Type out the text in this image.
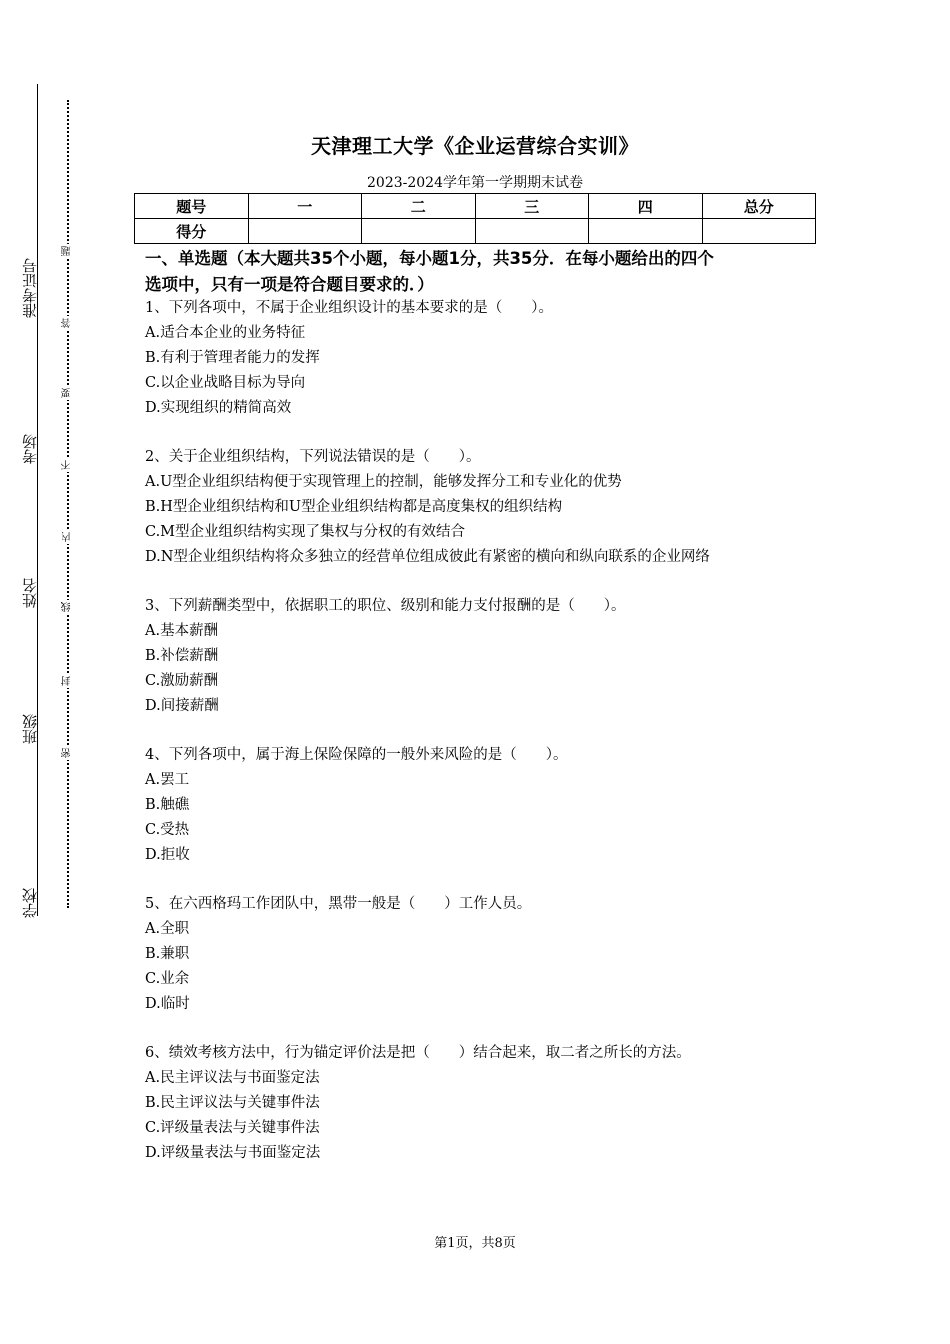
学校
班级
姓名
考场
准考证号
密
封
线
内
不
要
答
题
天津理工大学《企业运营综合实训》
2023-2024学年第一学期期末试卷
题号	一	二	三	四	总分
得分					
一、单选题（本大题共35个小题，每小题1分，共35分．在每小题给出的四个
选项中，只有一项是符合题目要求的．）
1、下列各项中，不属于企业组织设计的基本要求的是（　　）。
A.适合本企业的业务特征
B.有利于管理者能力的发挥
C.以企业战略目标为导向
D.实现组织的精简高效
2、关于企业组织结构，下列说法错误的是（　　）。
A.U型企业组织结构便于实现管理上的控制，能够发挥分工和专业化的优势
B.H型企业组织结构和U型企业组织结构都是高度集权的组织结构
C.M型企业组织结构实现了集权与分权的有效结合
D.N型企业组织结构将众多独立的经营单位组成彼此有紧密的横向和纵向联系的企业网络
3、下列薪酬类型中，依据职工的职位、级别和能力支付报酬的是（　　）。
A.基本薪酬
B.补偿薪酬
C.激励薪酬
D.间接薪酬
4、下列各项中，属于海上保险保障的一般外来风险的是（　　）。
A.罢工
B.触礁
C.受热
D.拒收
5、在六西格玛工作团队中，黑带一般是（　　）工作人员。
A.全职
B.兼职
C.业余
D.临时
6、绩效考核方法中，行为锚定评价法是把（　　）结合起来，取二者之所长的方法。
A.民主评议法与书面鉴定法
B.民主评议法与关键事件法
C.评级量表法与关键事件法
D.评级量表法与书面鉴定法
第1页，共8页
